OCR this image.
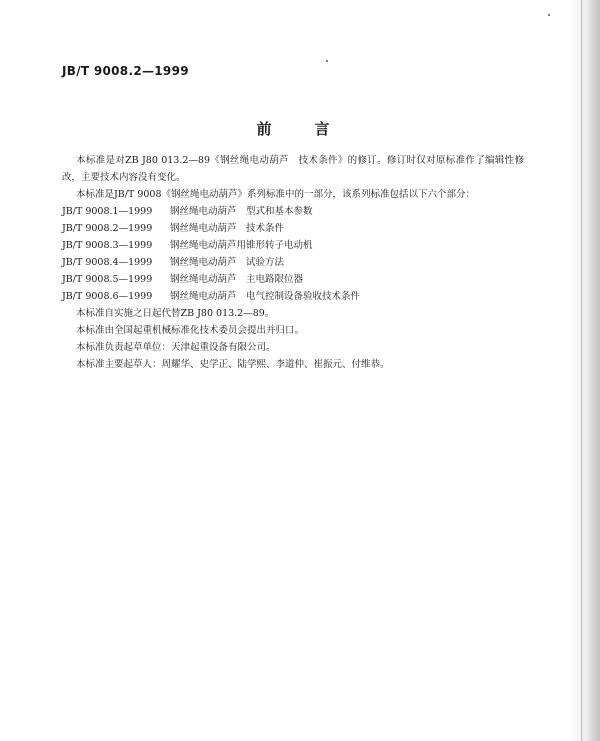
JB/T 9008.2—1999
前　言

本标准是对ZB J80 013.2—89《钢丝绳电动葫芦　技术条件》的修订。修订时仅对原标准作了编辑性修改，主要技术内容没有变化。

本标准是JB/T 9008《钢丝绳电动葫芦》系列标准中的一部分，该系列标准包括以下六个部分：

JB/T 9008.1—1999	钢丝绳电动葫芦　型式和基本参数
JB/T 9008.2—1999	钢丝绳电动葫芦　技术条件
JB/T 9008.3—1999	钢丝绳电动葫芦用锥形转子电动机
JB/T 9008.4—1999	钢丝绳电动葫芦　试验方法
JB/T 9008.5—1999	钢丝绳电动葫芦　主电路限位器
JB/T 9008.6—1999	钢丝绳电动葫芦　电气控制设备验收技术条件

本标准自实施之日起代替ZB J80 013.2—89。

本标准由全国起重机械标准化技术委员会提出并归口。

本标准负责起草单位：天津起重设备有限公司。

本标准主要起草人：周耀华、史学正、陆学熙、李道仲、崔振元、付维恭。
